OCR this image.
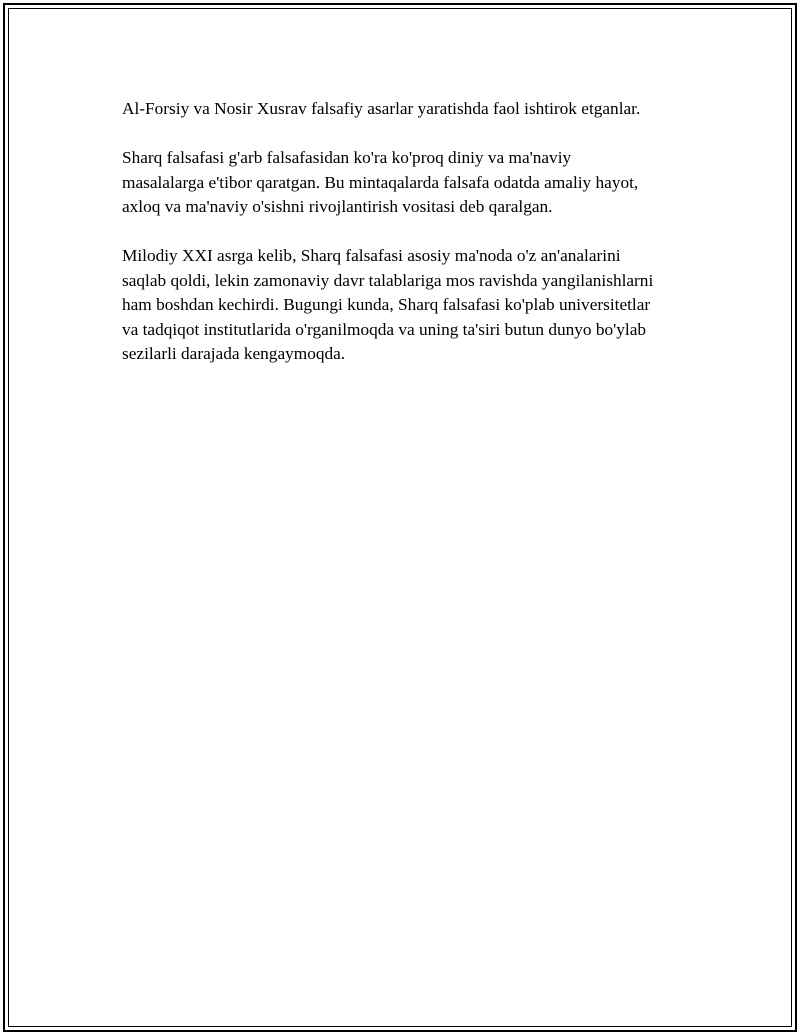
Al-Forsiy va Nosir Xusrav falsafiy asarlar yaratishda faol ishtirok etganlar.

Sharq falsafasi g'arb falsafasidan ko'ra ko'proq diniy va ma'naviy
masalalarga e'tibor qaratgan. Bu mintaqalarda falsafa odatda amaliy hayot,
axloq va ma'naviy o'sishni rivojlantirish vositasi deb qaralgan.

Milodiy XXI asrga kelib, Sharq falsafasi asosiy ma'noda o'z an'analarini
saqlab qoldi, lekin zamonaviy davr talablariga mos ravishda yangilanishlarni
ham boshdan kechirdi. Bugungi kunda, Sharq falsafasi ko'plab universitetlar
va tadqiqot institutlarida o'rganilmoqda va uning ta'siri butun dunyo bo'ylab
sezilarli darajada kengaymoqda.
